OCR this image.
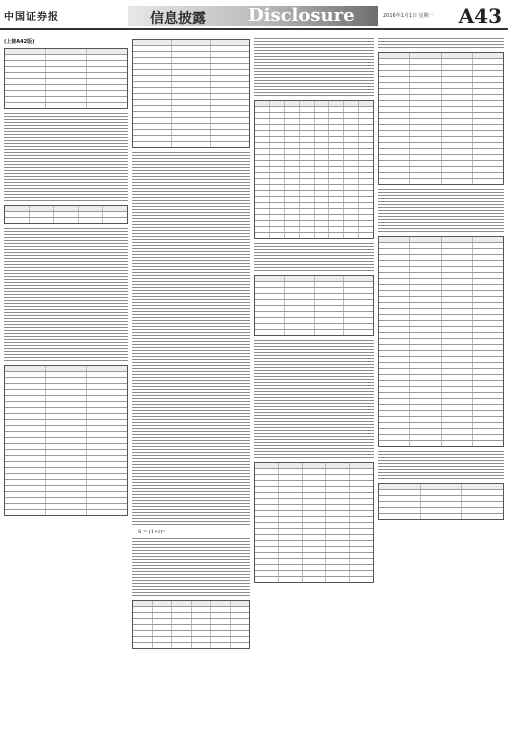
中国证券报	信息披露 Disclosure	2016年1月1日 星期一 A43
(上接A42版)
S = (1+r)ⁿ
